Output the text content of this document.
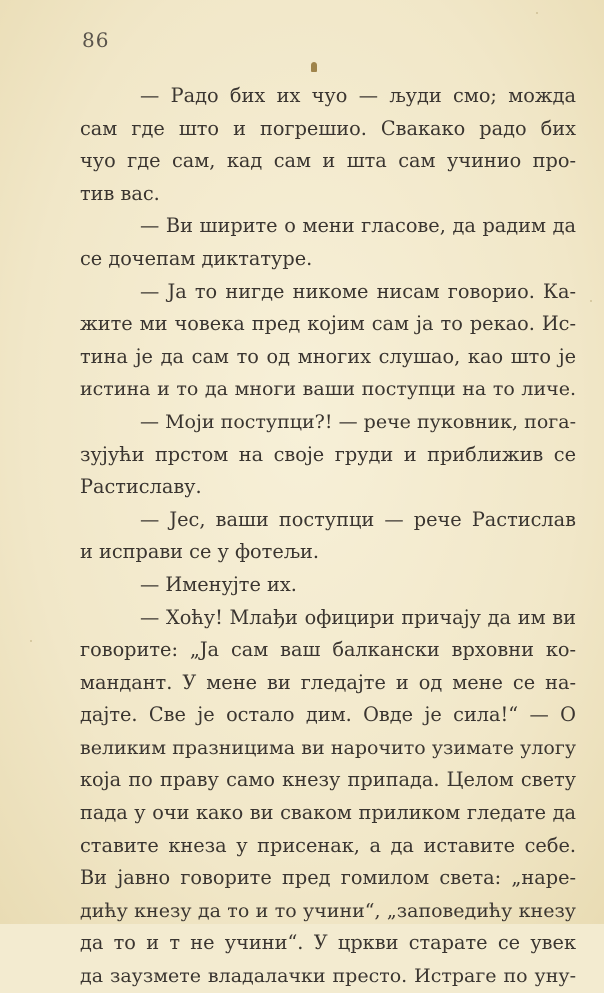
86
— Радо бих их чуо — људи смо; можда
сам где што и погрешио. Свакако радо бих
чуо где сам, кад сам и шта сам учинио про-
тив вас.
— Ви ширите о мени гласове, да радим да
се дочепам диктатуре.
— Ја то нигде никоме нисам говорио. Ка-
жите ми човека пред којим сам ја то рекао. Ис-
тина је да сам то од многих слушао, као што је
истина и то да многи ваши поступци на то личе.
— Моји поступци?! — рече пуковник, пога-
зујући прстом на своје груди и приближив се
Растиславу.
— Јес, ваши поступци — рече Растислав
и исправи се у фотељи.
— Именујте их.
— Хоћу! Млађи официри причају да им ви
говорите: „Ја сам ваш балкански врховни ко-
мандант. У мене ви гледајте и од мене се на-
дајте. Све је остало дим. Овде је сила!“ — О
великим празницима ви нарочито узимате улогу
која по праву само кнезу припада. Целом свету
пада у очи како ви сваком приликом гледате да
ставите кнеза у присенак, а да иставите себе.
Ви јавно говорите пред гомилом света: „наре-
дићу кнезу да то и то учини“, „заповедићу кнезу
да то и т не учини“. У цркви старате се увек
да заузмете владалачки престо. Истраге по уну-
